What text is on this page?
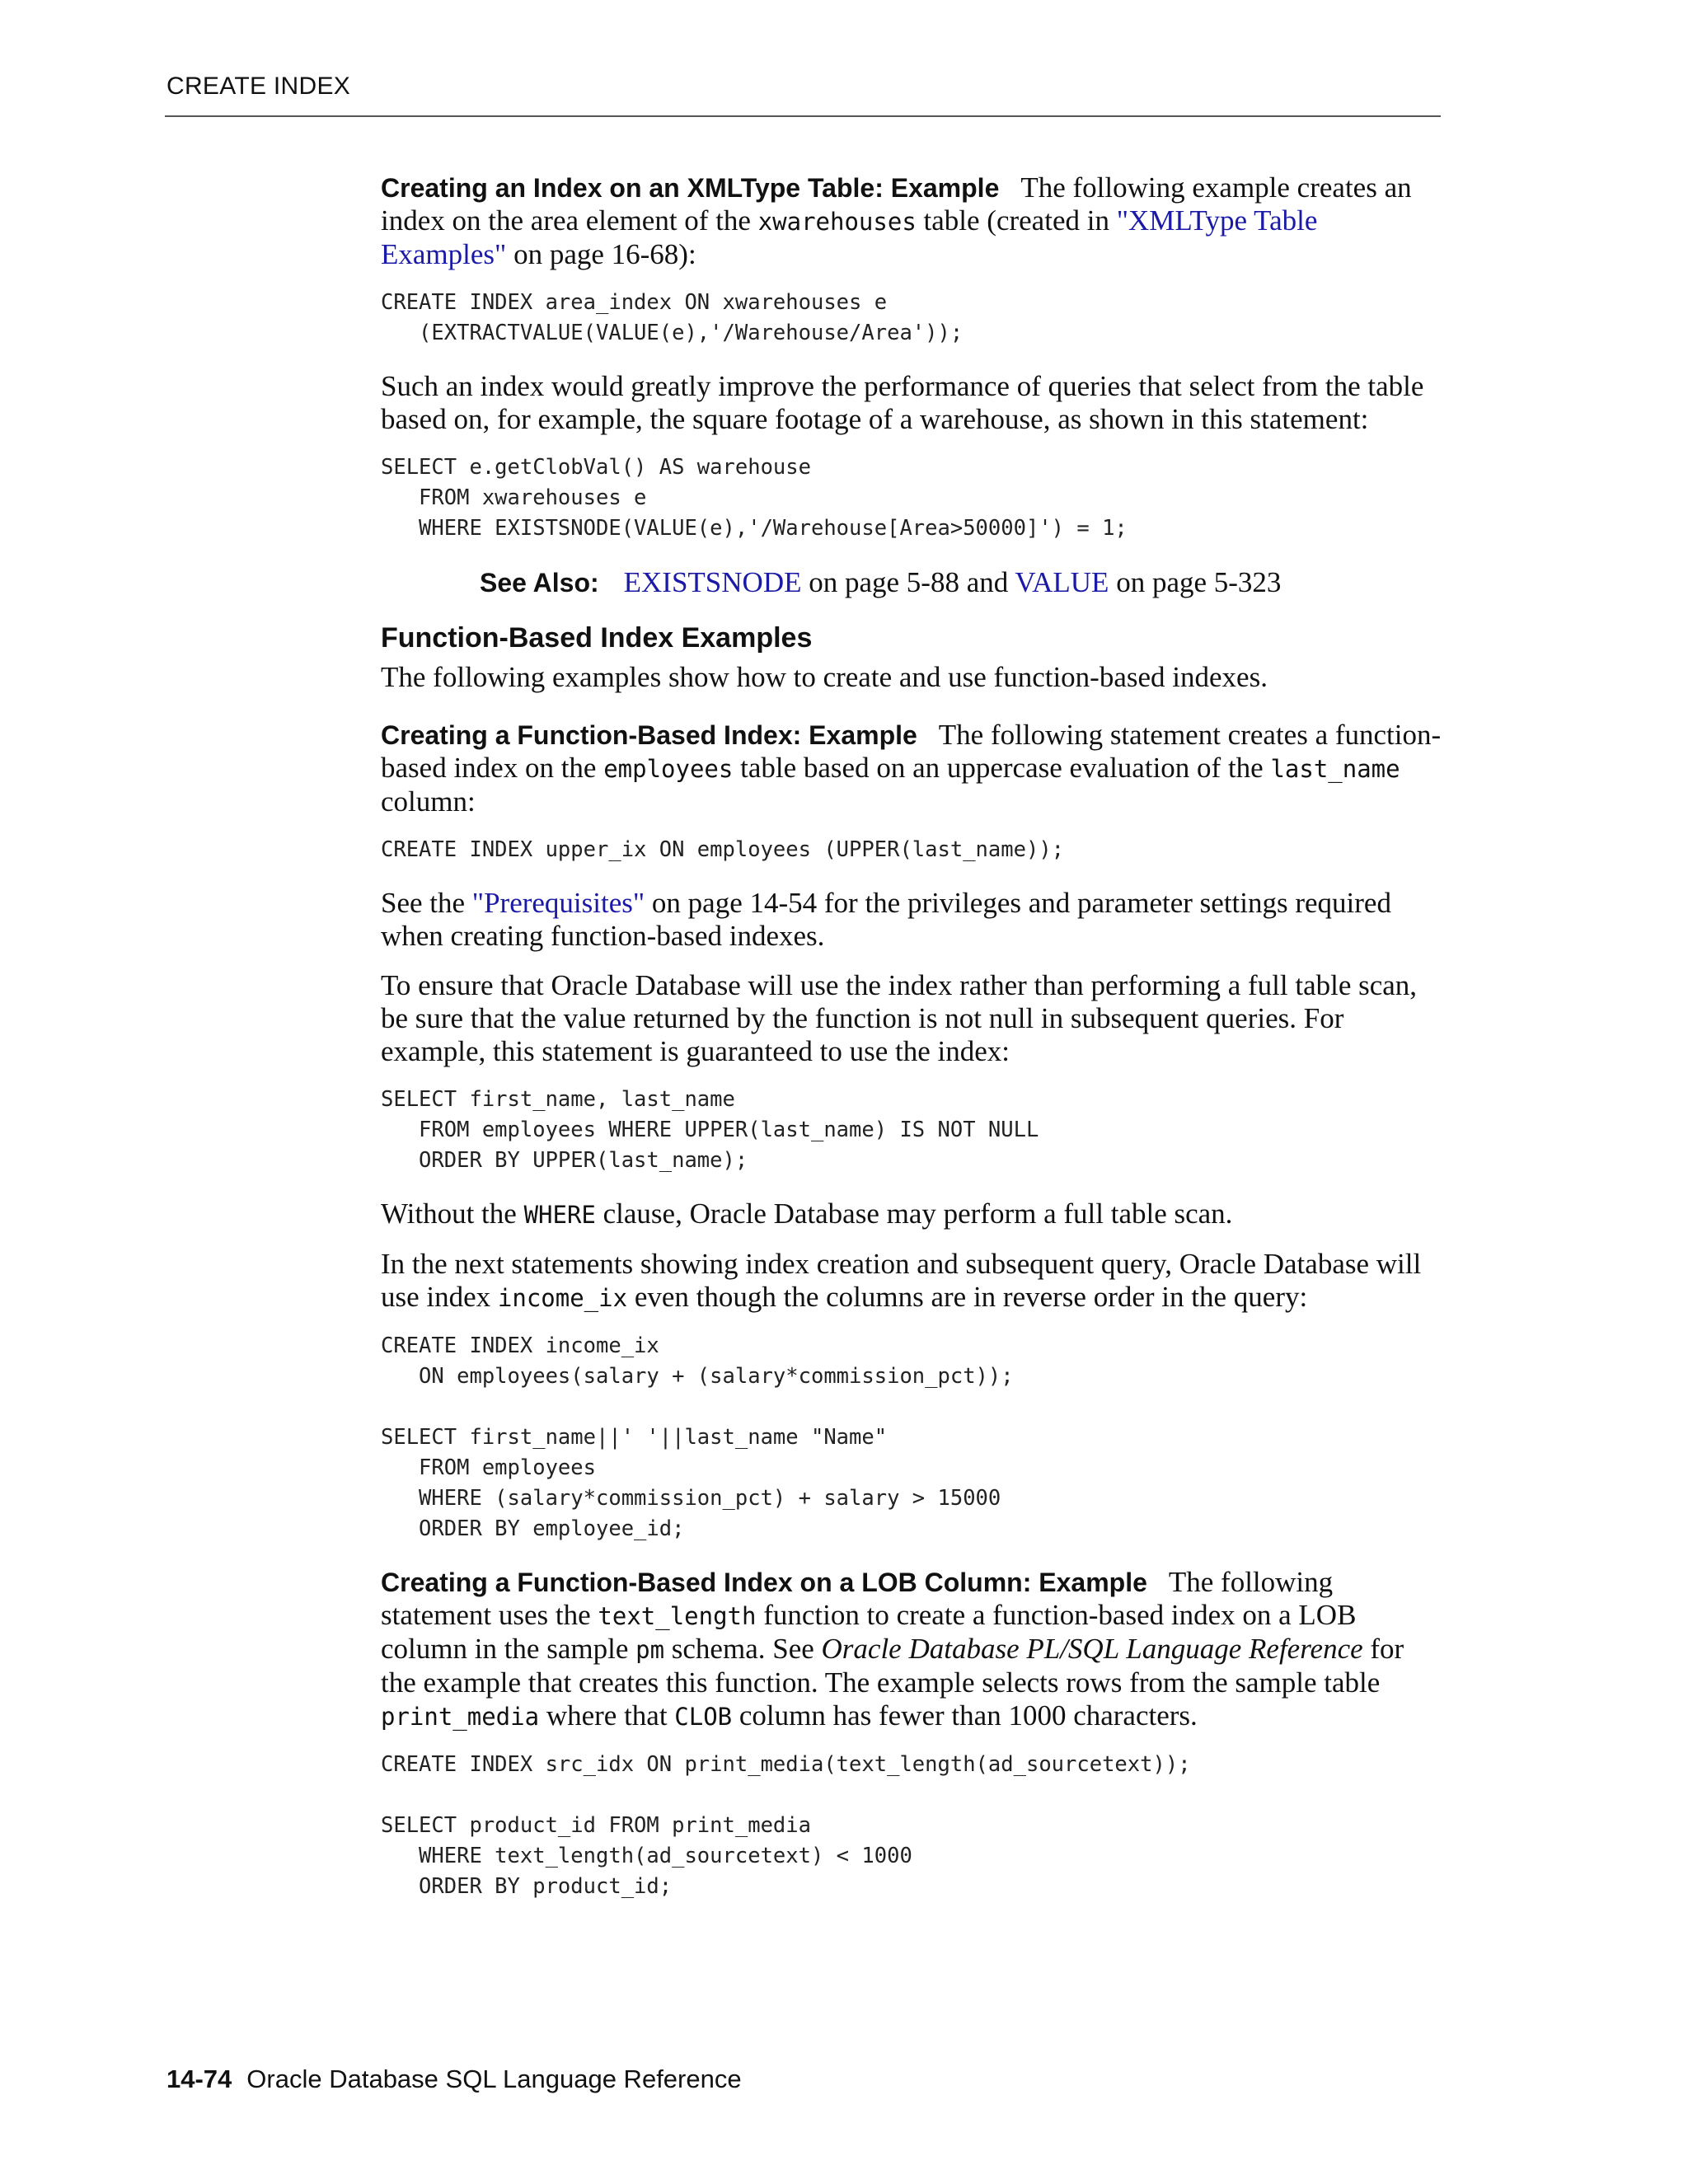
CREATE INDEX

Creating an Index on an XMLType Table: Example The following example creates an index on the area element of the xwarehouses table (created in "XMLType Table Examples" on page 16-68):

CREATE INDEX area_index ON xwarehouses e
(EXTRACTVALUE(VALUE(e),'/Warehouse/Area'));

Such an index would greatly improve the performance of queries that select from the table based on, for example, the square footage of a warehouse, as shown in this statement:

SELECT e.getClobVal() AS warehouse
FROM xwarehouses e
WHERE EXISTSNODE(VALUE(e),'/Warehouse[Area>50000]') = 1;
See Also: EXISTSNODE on page 5-88 and VALUE on page 5-323
Function-Based Index Examples

The following examples show how to create and use function-based indexes.

Creating a Function-Based Index: Example The following statement creates a function-based index on the employees table based on an uppercase evaluation of the last_name column:

CREATE INDEX upper_ix ON employees (UPPER(last_name));

See the "Prerequisites" on page 14-54 for the privileges and parameter settings required when creating function-based indexes.

To ensure that Oracle Database will use the index rather than performing a full table scan, be sure that the value returned by the function is not null in subsequent queries. For example, this statement is guaranteed to use the index:

SELECT first_name, last_name
FROM employees WHERE UPPER(last_name) IS NOT NULL
ORDER BY UPPER(last_name);

Without the WHERE clause, Oracle Database may perform a full table scan.

In the next statements showing index creation and subsequent query, Oracle Database will use index income_ix even though the columns are in reverse order in the query:

CREATE INDEX income_ix
ON employees(salary + (salary*commission_pct));

SELECT first_name||' '||last_name "Name"
FROM employees
WHERE (salary*commission_pct) + salary > 15000
ORDER BY employee_id;

Creating a Function-Based Index on a LOB Column: Example The following statement uses the text_length function to create a function-based index on a LOB column in the sample pm schema. See Oracle Database PL/SQL Language Reference for the example that creates this function. The example selects rows from the sample table print_media where that CLOB column has fewer than 1000 characters.

CREATE INDEX src_idx ON print_media(text_length(ad_sourcetext));

SELECT product_id FROM print_media
WHERE text_length(ad_sourcetext) < 1000
ORDER BY product_id;
14-74 Oracle Database SQL Language Reference
